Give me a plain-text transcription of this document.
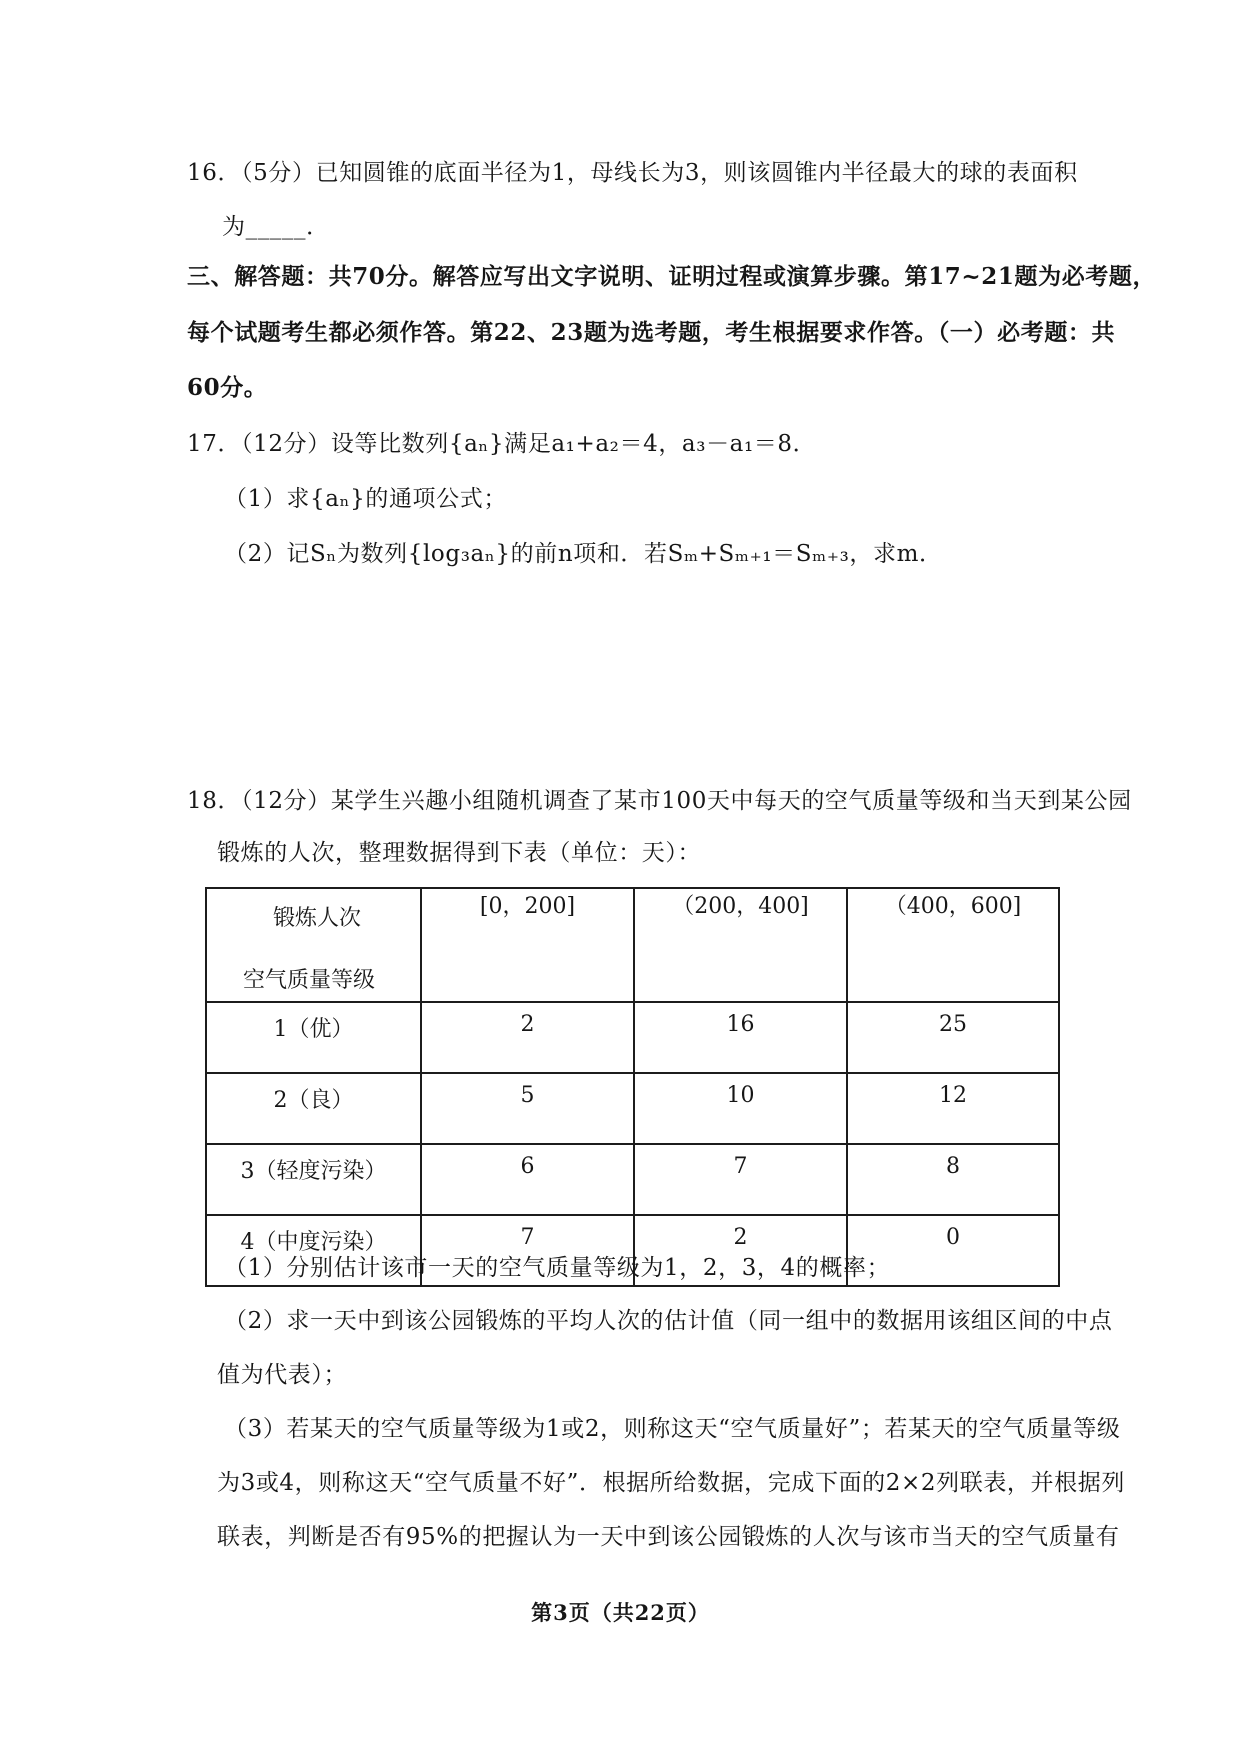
16．（5分）已知圆锥的底面半径为1，母线长为3，则该圆锥内半径最大的球的表面积
为_____．
三、解答题：共70分。解答应写出文字说明、证明过程或演算步骤。第17~21题为必考题，
每个试题考生都必须作答。第22、23题为选考题，考生根据要求作答。（一）必考题：共
60分。
17．（12分）设等比数列{aₙ}满足a₁+a₂＝4，a₃－a₁＝8．
（1）求{aₙ}的通项公式；
（2）记Sₙ为数列{log₃aₙ}的前n项和．若Sₘ+Sₘ₊₁＝Sₘ₊₃，求m．
18．（12分）某学生兴趣小组随机调查了某市100天中每天的空气质量等级和当天到某公园
锻炼的人次，整理数据得到下表（单位：天）：
锻炼人次
空气质量等级	[0，200]	（200，400]	（400，600]
1（优）	2	16	25
2（良）	5	10	12
3（轻度污染）	6	7	8
4（中度污染）	7	2	0
（1）分别估计该市一天的空气质量等级为1，2，3，4的概率；
（2）求一天中到该公园锻炼的平均人次的估计值（同一组中的数据用该组区间的中点
值为代表）；
（3）若某天的空气质量等级为1或2，则称这天“空气质量好”；若某天的空气质量等级
为3或4，则称这天“空气质量不好”．根据所给数据，完成下面的2×2列联表，并根据列
联表，判断是否有95%的把握认为一天中到该公园锻炼的人次与该市当天的空气质量有
第3页（共22页）
